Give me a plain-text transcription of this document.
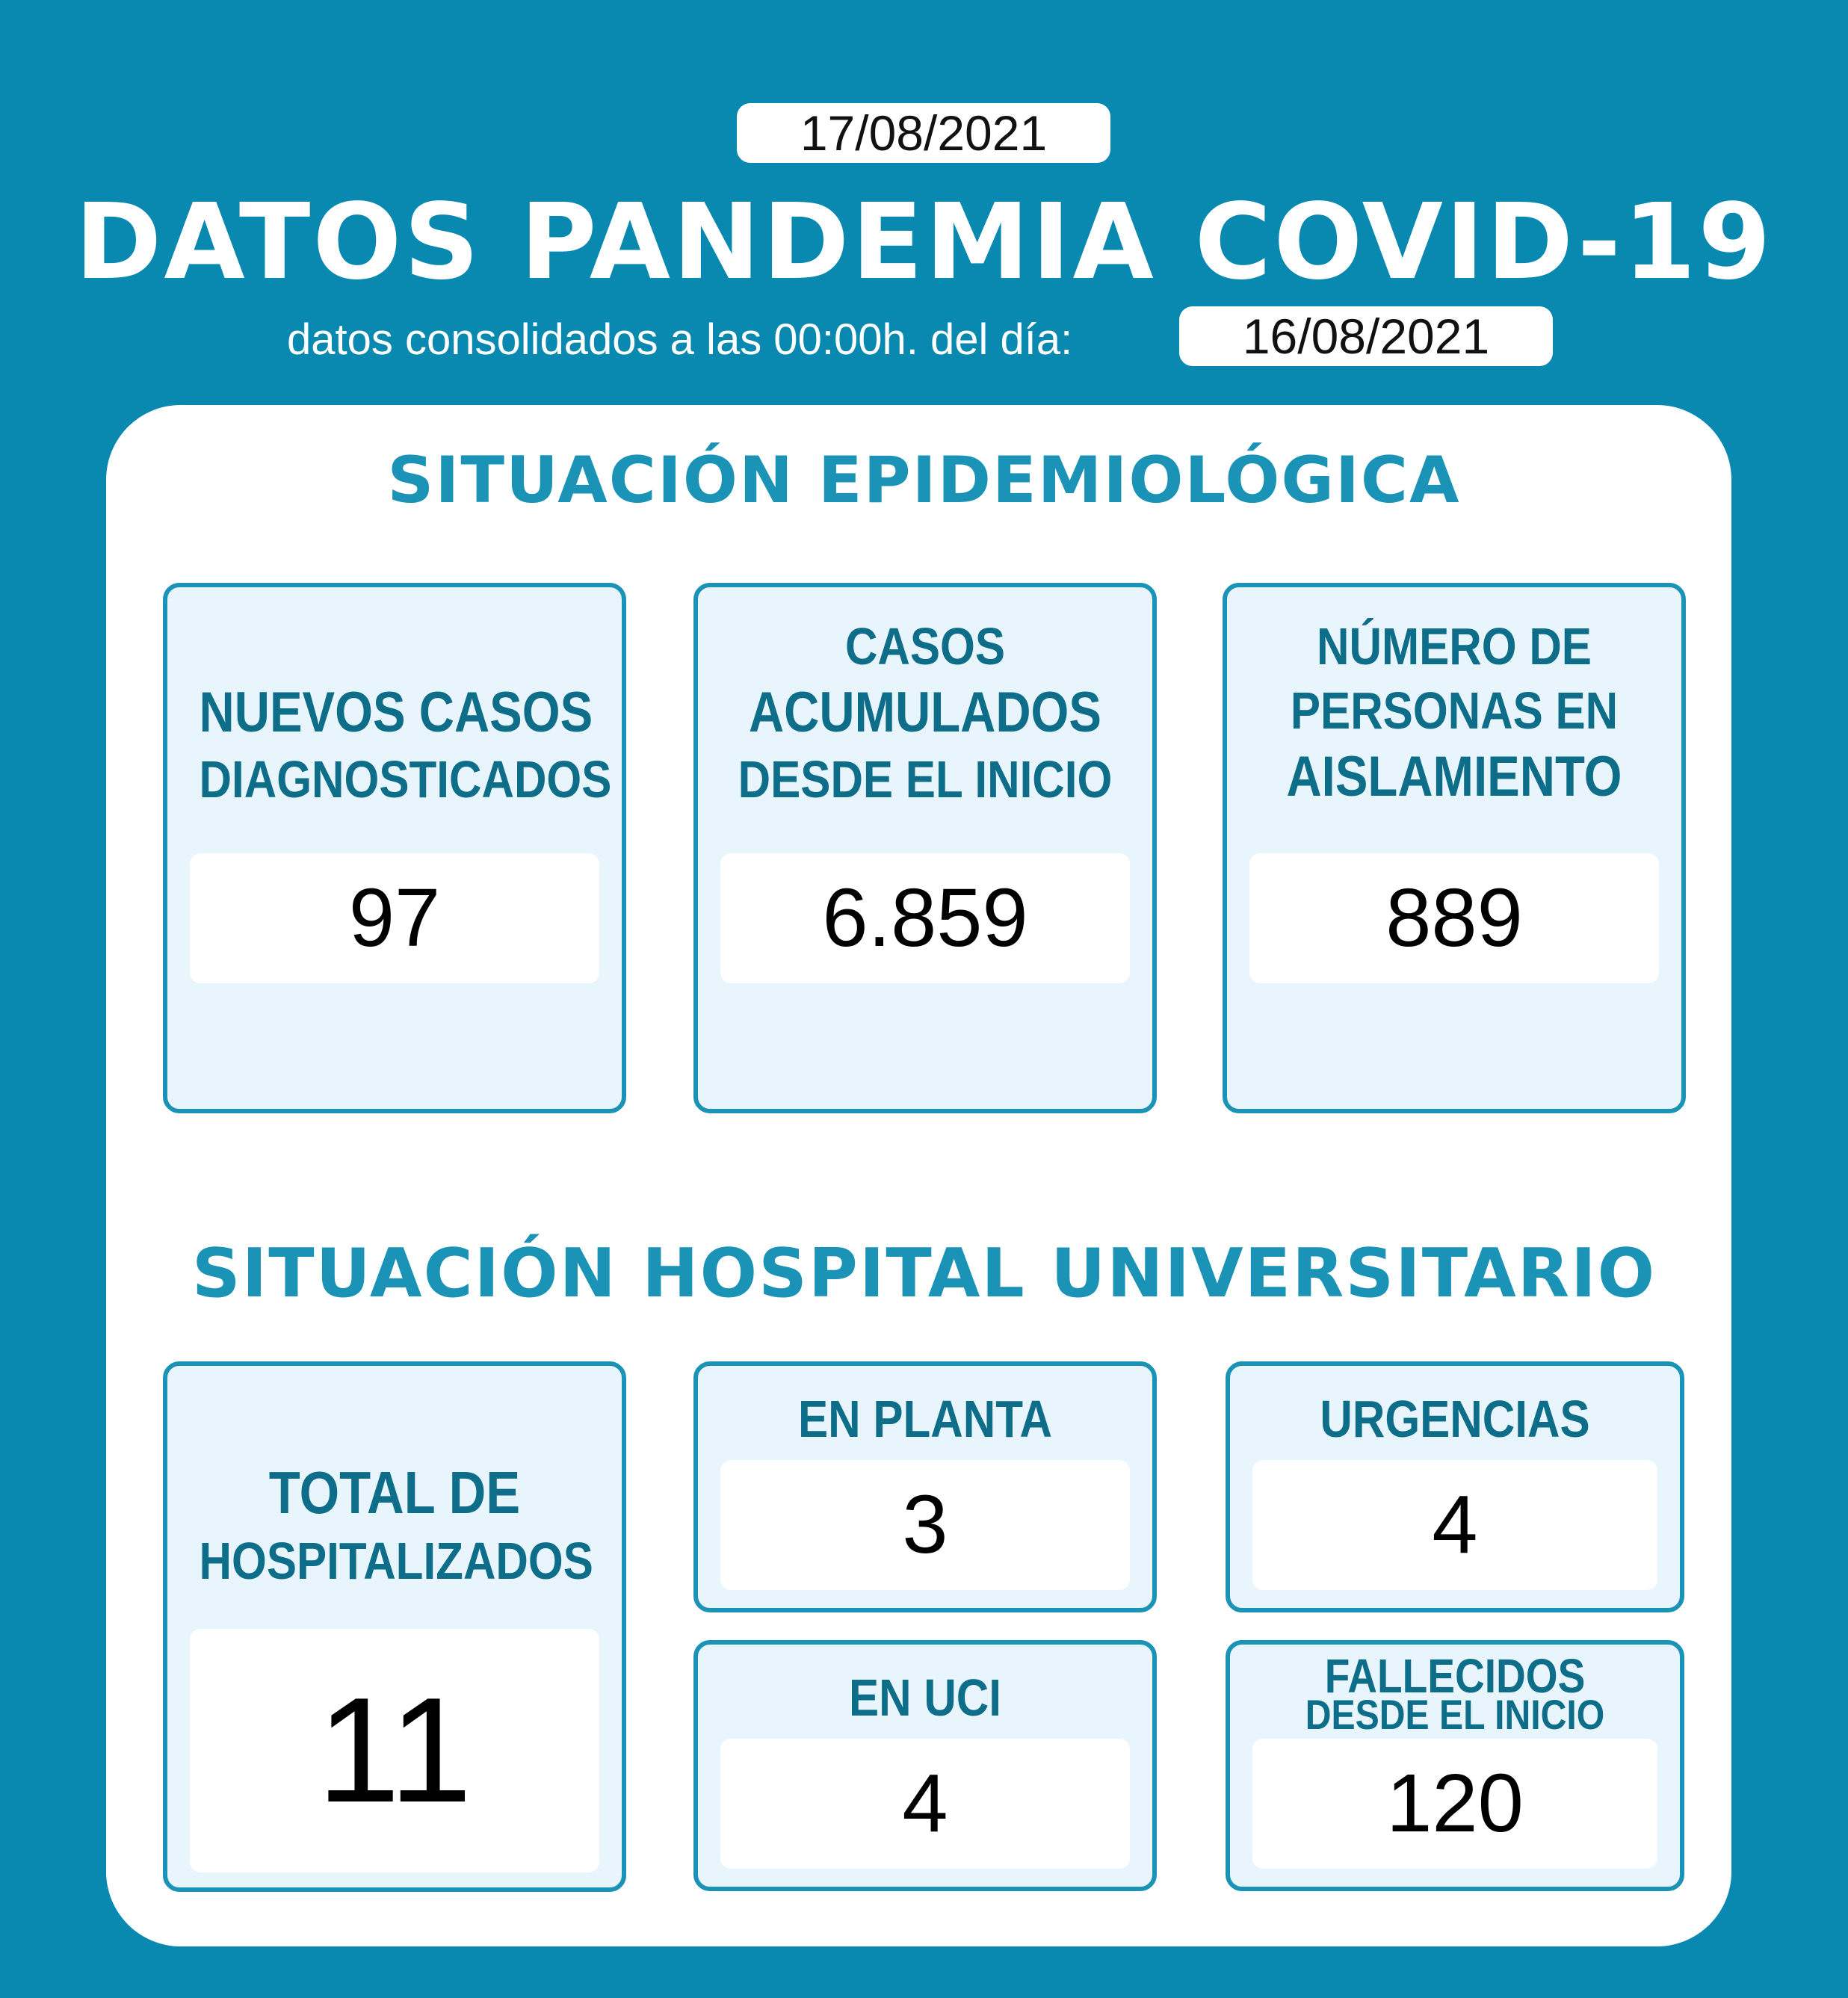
17/08/2021
DATOS PANDEMIA COVID-19
datos consolidados a las 00:00h. del día:	16/08/2021
SITUACIÓN EPIDEMIOLÓGICA
NUEVOS CASOS
DIAGNOSTICADOS
97
CASOS
ACUMULADOS
DESDE EL INICIO
6.859
NÚMERO DE
PERSONAS EN
AISLAMIENTO
889
SITUACIÓN HOSPITAL UNIVERSITARIO
TOTAL DE
HOSPITALIZADOS
11
EN PLANTA
3
URGENCIAS
4
EN UCI
4
FALLECIDOS
DESDE EL INICIO
120
